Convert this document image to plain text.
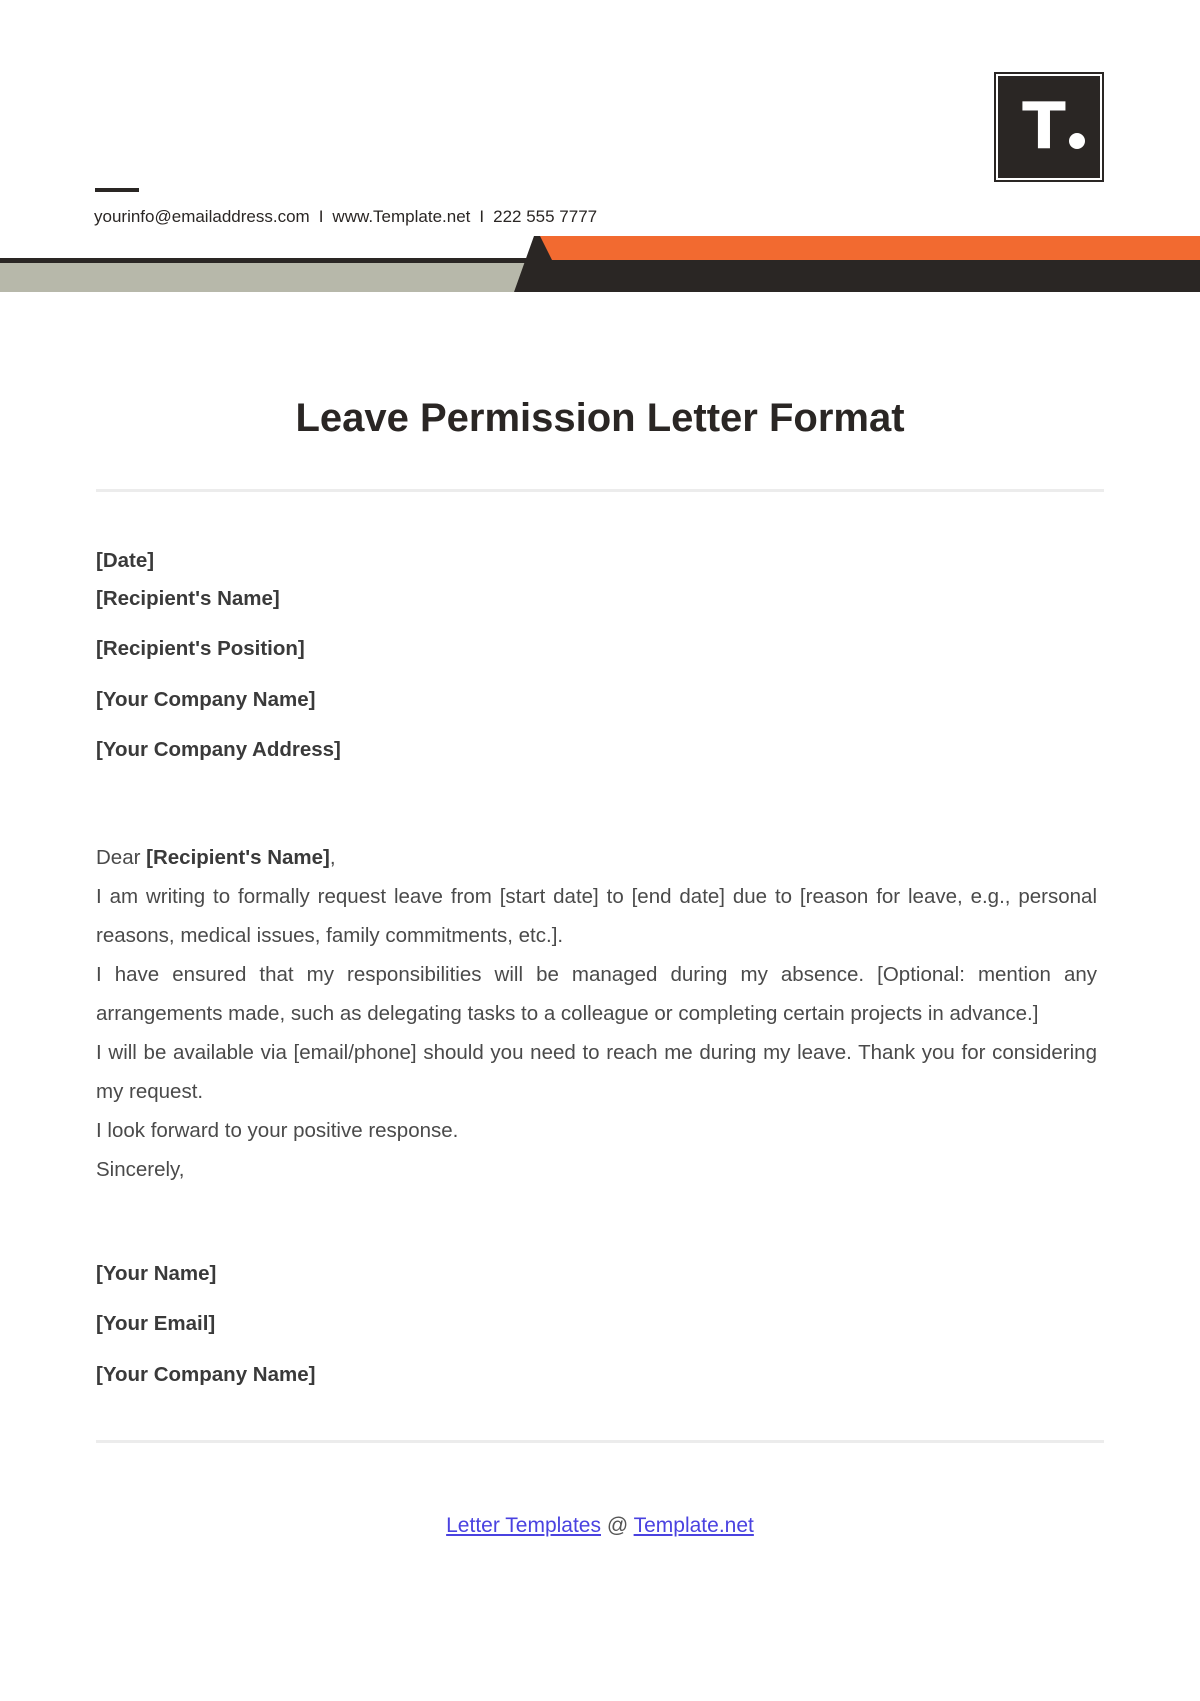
T
yourinfo@emailaddress.com I www.Template.net I 222 555 7777
Leave Permission Letter Format
[Date]
[Recipient's Name]
[Recipient's Position]
[Your Company Name]
[Your Company Address]

Dear [Recipient's Name],

I am writing to formally request leave from [start date] to [end date] due to [reason for leave, e.g., personal reasons, medical issues, family commitments, etc.].

I have ensured that my responsibilities will be managed during my absence. [Optional: mention any arrangements made, such as delegating tasks to a colleague or completing certain projects in advance.]

I will be available via [email/phone] should you need to reach me during my leave. Thank you for considering my request.

I look forward to your positive response.

Sincerely,

[Your Name]
[Your Email]
[Your Company Name]
Letter Templates @ Template.net
